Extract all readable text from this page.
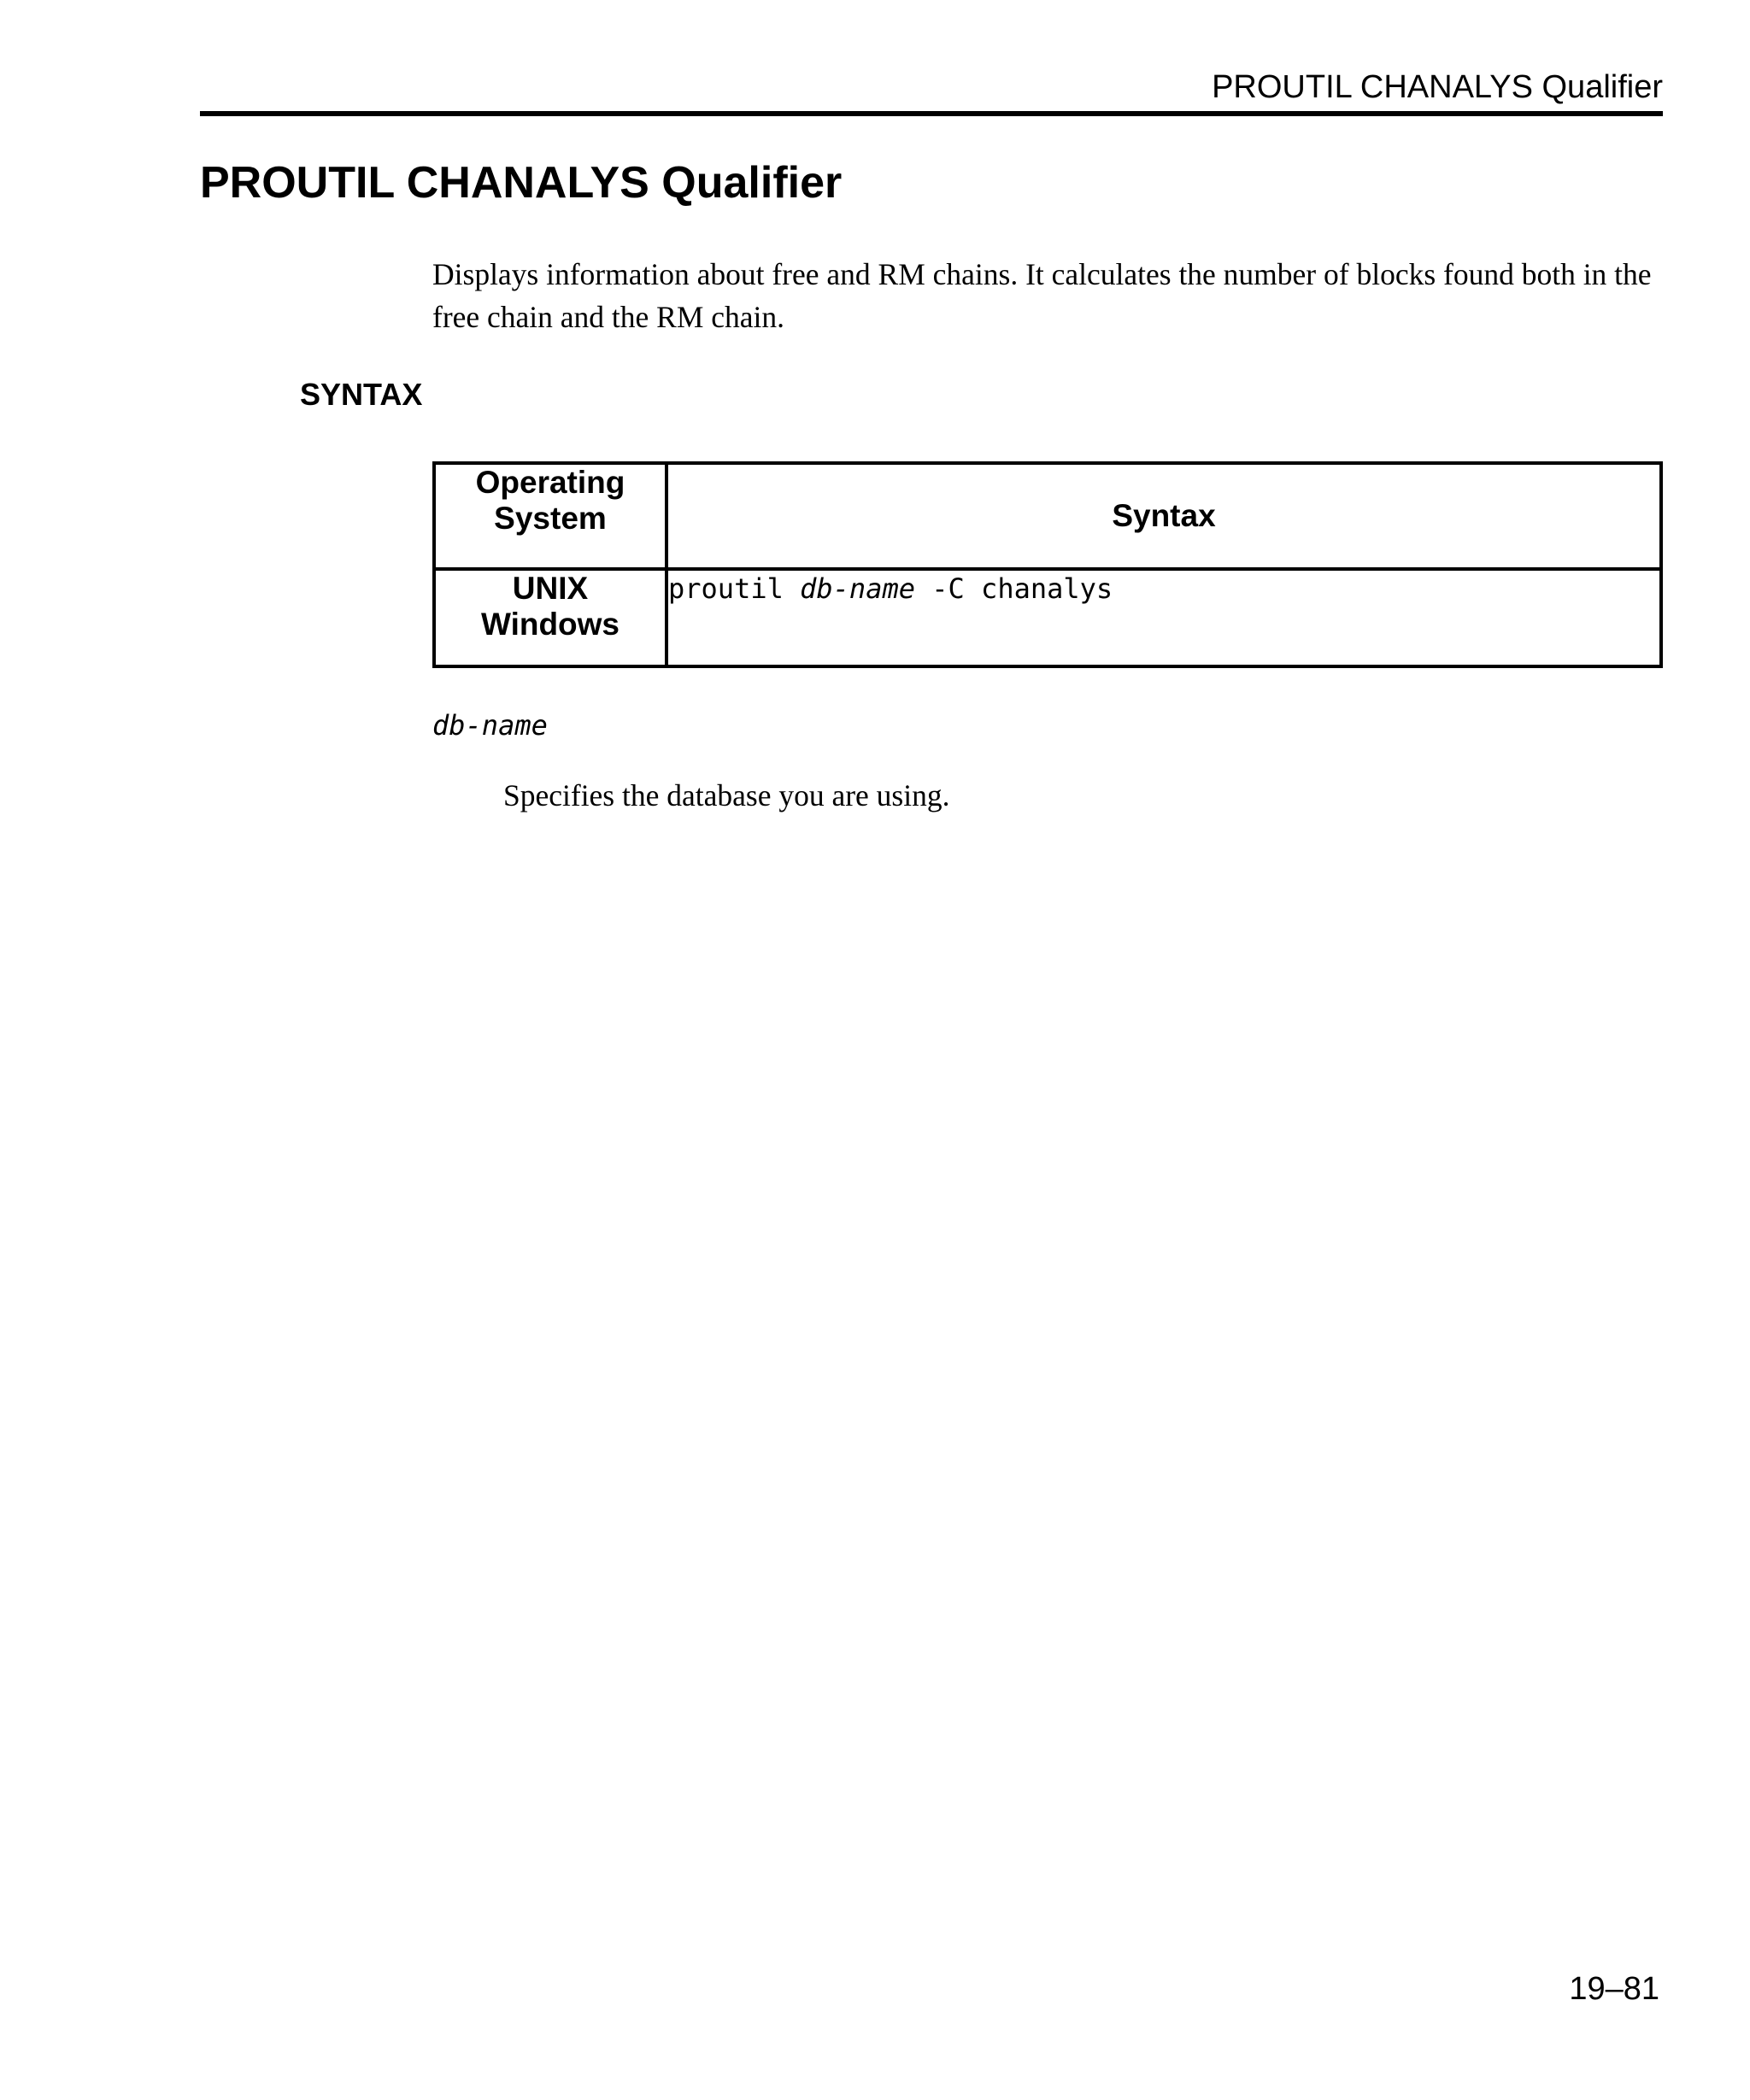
PROUTIL CHANALYS Qualifier
PROUTIL CHANALYS Qualifier

Displays information about free and RM chains. It calculates the number of blocks found both in the free chain and the RM chain.

SYNTAX
Operating System	Syntax

UNIX
Windows	proutil db-name -C chanalys
db-name

Specifies the database you are using.

19–81
